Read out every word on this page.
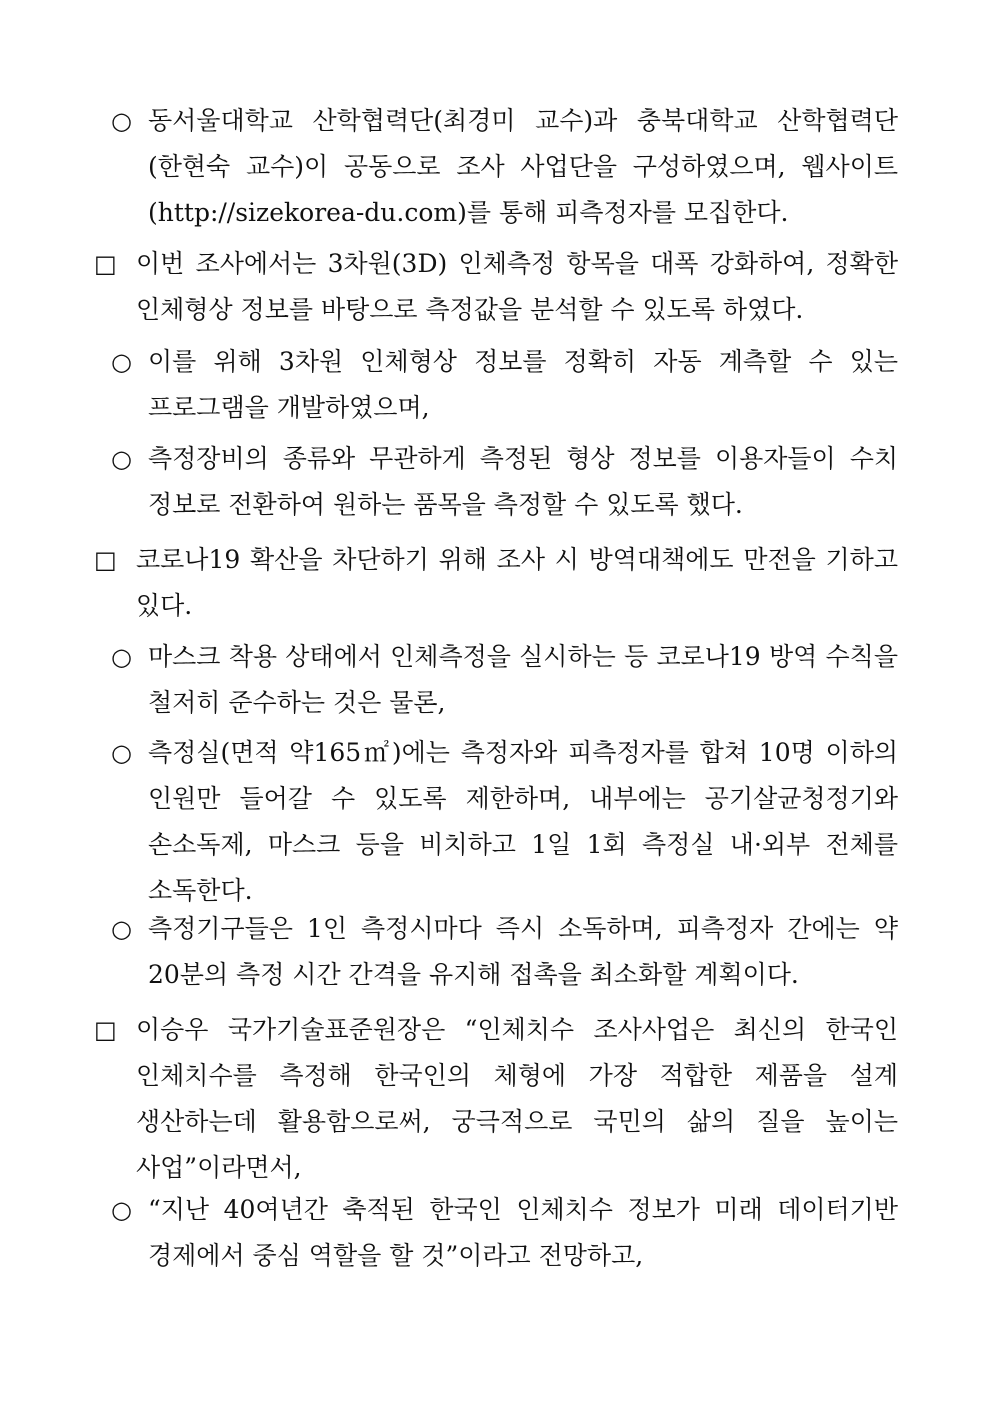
○ 동서울대학교 산학협력단(최경미 교수)과 충북대학교 산학협력단(한현숙 교수)이 공동으로 조사 사업단을 구성하였으며, 웹사이트(http://sizekorea-du.com)를 통해 피측정자를 모집한다.
□ 이번 조사에서는 3차원(3D) 인체측정 항목을 대폭 강화하여, 정확한 인체형상 정보를 바탕으로 측정값을 분석할 수 있도록 하였다.
○ 이를 위해 3차원 인체형상 정보를 정확히 자동 계측할 수 있는 프로그램을 개발하였으며,
○ 측정장비의 종류와 무관하게 측정된 형상 정보를 이용자들이 수치 정보로 전환하여 원하는 품목을 측정할 수 있도록 했다.
□ 코로나19 확산을 차단하기 위해 조사 시 방역대책에도 만전을 기하고 있다.
○ 마스크 착용 상태에서 인체측정을 실시하는 등 코로나19 방역 수칙을 철저히 준수하는 것은 물론,
○ 측정실(면적 약165㎡)에는 측정자와 피측정자를 합쳐 10명 이하의 인원만 들어갈 수 있도록 제한하며, 내부에는 공기살균청정기와 손소독제, 마스크 등을 비치하고 1일 1회 측정실 내·외부 전체를 소독한다.
○ 측정기구들은 1인 측정시마다 즉시 소독하며, 피측정자 간에는 약 20분의 측정 시간 간격을 유지해 접촉을 최소화할 계획이다.
□ 이승우 국가기술표준원장은 “인체치수 조사사업은 최신의 한국인 인체치수를 측정해 한국인의 체형에 가장 적합한 제품을 설계 생산하는데 활용함으로써, 궁극적으로 국민의 삶의 질을 높이는 사업”이라면서,
○ “지난 40여년간 축적된 한국인 인체치수 정보가 미래 데이터기반 경제에서 중심 역할을 할 것”이라고 전망하고,
